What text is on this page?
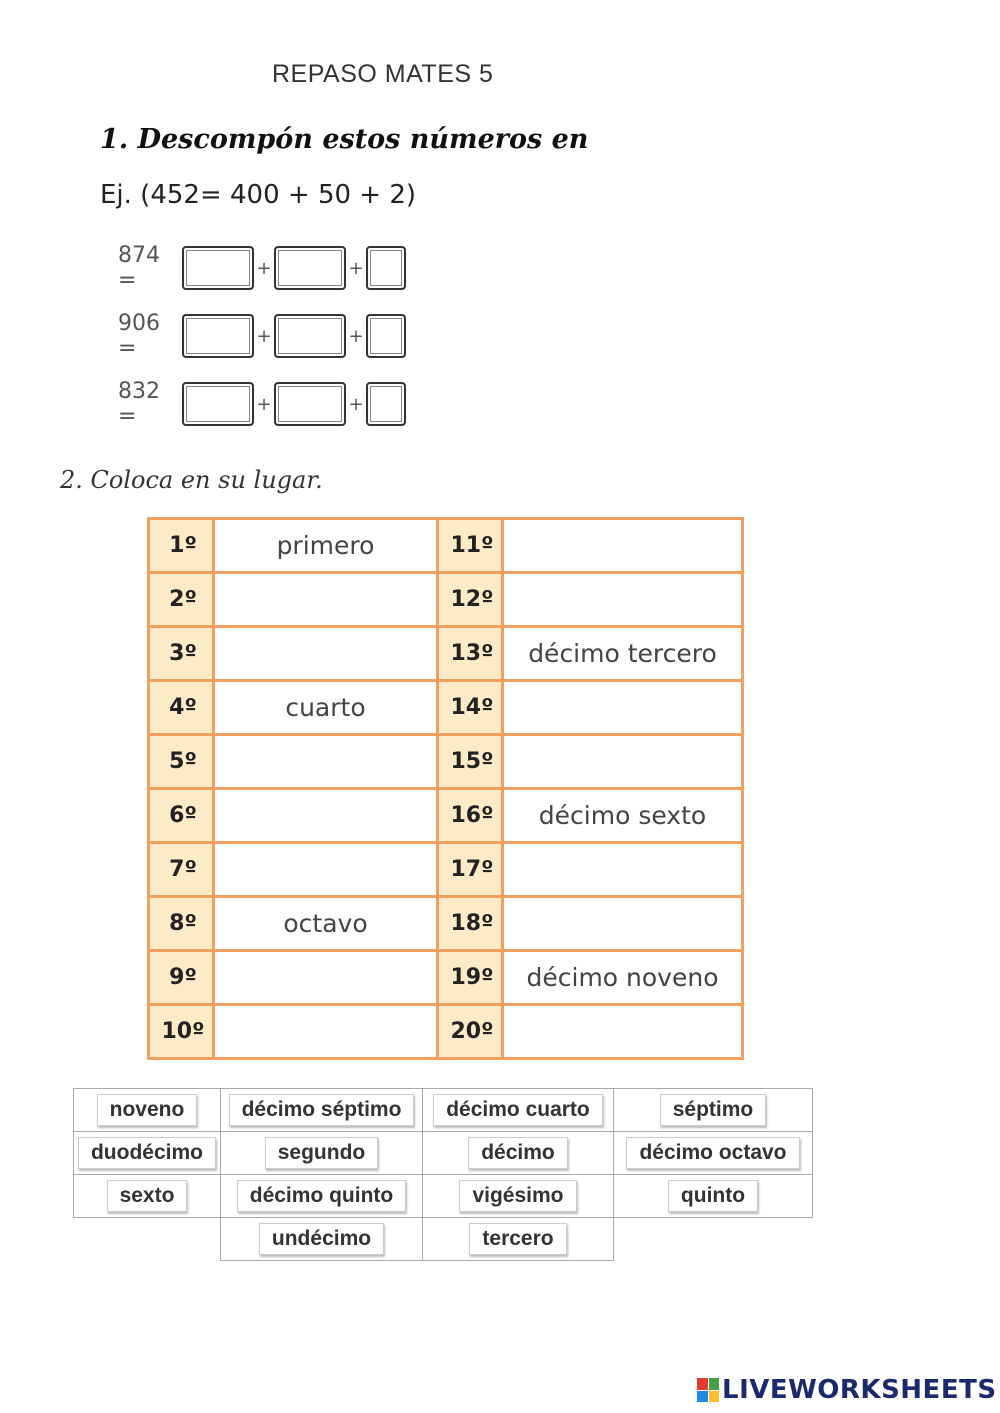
REPASO MATES 5
1. Descompón estos números en
Ej. (452= 400 + 50 + 2)
874 =	+	+
906 =	+	+
832 =	+	+
2. Coloca en su lugar.
1º	primero	11º	
2º		12º	
3º		13º	décimo tercero
4º	cuarto	14º	
5º		15º	
6º		16º	décimo sexto
7º		17º	
8º	octavo	18º	
9º		19º	décimo noveno
10º		20º	
noveno	décimo séptimo	décimo cuarto	séptimo
duodécimo	segundo	décimo	décimo octavo
sexto	décimo quinto	vigésimo	quinto
	undécimo	tercero	
LIVEWORKSHEETS
